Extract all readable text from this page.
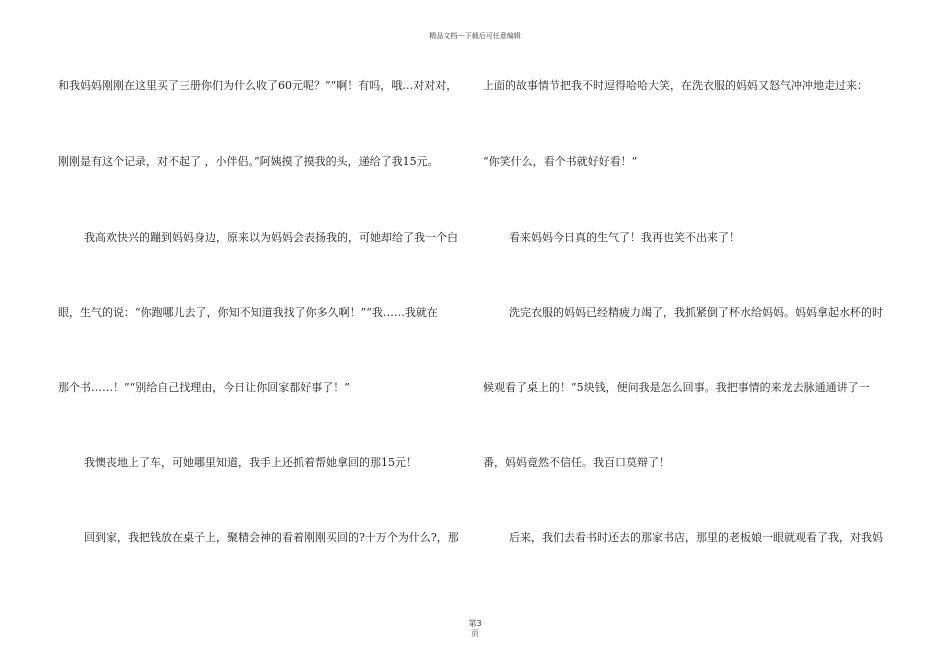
精品文档---下载后可任意编辑
和我妈妈刚刚在这里买了三册你们为什么收了60元呢？”“啊！有吗，哦…对对对，
刚刚是有这个记录，对不起了 ，小伴侣。”阿姨摸了摸我的头，递给了我15元。
我高欢快兴的蹦到妈妈身边，原来以为妈妈会表扬我的，可她却给了我一个白
眼，生气的说：“你跑哪儿去了，你知不知道我找了你多久啊！”“我……我就在
那个书……！”“别给自己找理由，今日让你回家都好事了！”
我懊丧地上了车，可她哪里知道，我手上还抓着帮她拿回的那15元！
回到家，我把钱放在桌子上，聚精会神的看着刚刚买回的?十万个为什么?，那
上面的故事情节把我不时逗得哈哈大笑，在洗衣服的妈妈又怒气冲冲地走过来：
“你笑什么，看个书就好好看！”
看来妈妈今日真的生气了！我再也笑不出来了！
洗完衣服的妈妈已经精疲力竭了，我抓紧倒了杯水给妈妈。妈妈拿起水杯的时
候观看了桌上的！”5块钱，便问我是怎么回事。我把事情的来龙去脉通通讲了一
番，妈妈竟然不信任。我百口莫辩了！
后来，我们去看书时还去的那家书店，那里的老板娘一眼就观看了我，对我妈
第3
页
